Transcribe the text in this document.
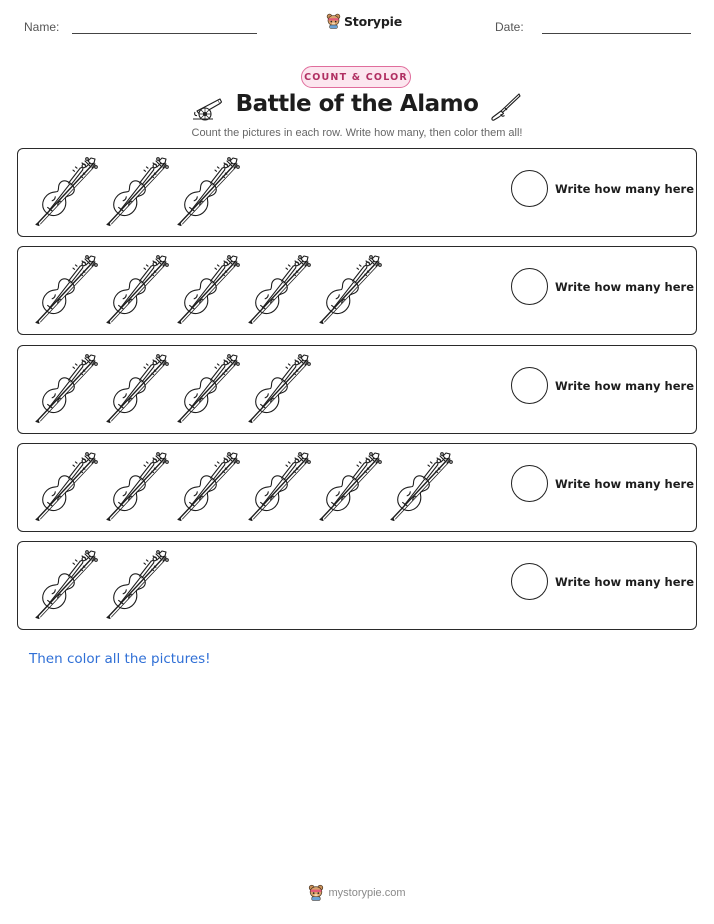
Name:	Storypie	Date:
COUNT & COLOR
Battle of the Alamo
Count the pictures in each row. Write how many, then color them all!
Write how many here
Write how many here
Write how many here
Write how many here
Write how many here
Then color all the pictures!
mystorypie.com
